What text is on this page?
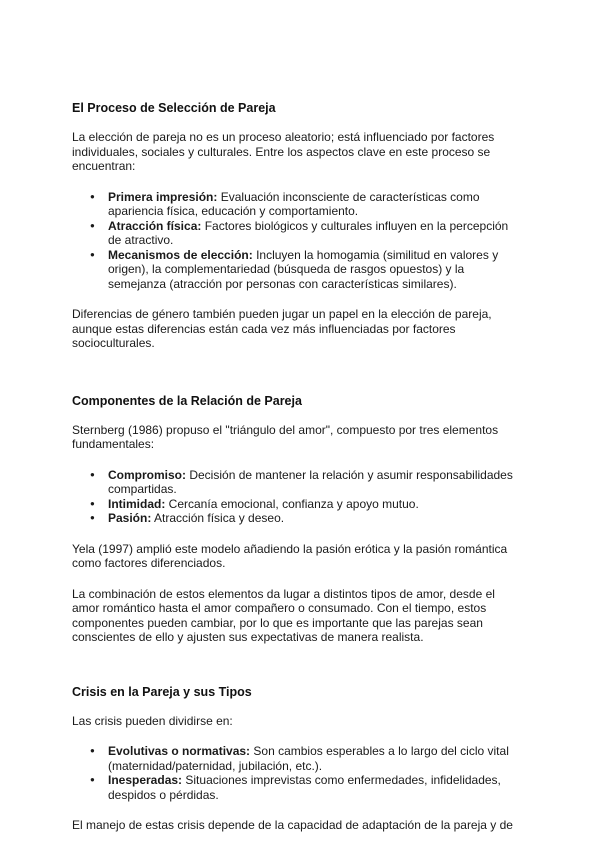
El Proceso de Selección de Pareja

La elección de pareja no es un proceso aleatorio; está influenciado por factores individuales, sociales y culturales. Entre los aspectos clave en este proceso se encuentran:

● Primera impresión: Evaluación inconsciente de características como apariencia física, educación y comportamiento.
● Atracción física: Factores biológicos y culturales influyen en la percepción de atractivo.
● Mecanismos de elección: Incluyen la homogamia (similitud en valores y origen), la complementariedad (búsqueda de rasgos opuestos) y la semejanza (atracción por personas con características similares).

Diferencias de género también pueden jugar un papel en la elección de pareja, aunque estas diferencias están cada vez más influenciadas por factores socioculturales.

Componentes de la Relación de Pareja

Sternberg (1986) propuso el "triángulo del amor", compuesto por tres elementos fundamentales:

● Compromiso: Decisión de mantener la relación y asumir responsabilidades compartidas.
● Intimidad: Cercanía emocional, confianza y apoyo mutuo.
● Pasión: Atracción física y deseo.

Yela (1997) amplió este modelo añadiendo la pasión erótica y la pasión romántica como factores diferenciados.

La combinación de estos elementos da lugar a distintos tipos de amor, desde el amor romántico hasta el amor compañero o consumado. Con el tiempo, estos componentes pueden cambiar, por lo que es importante que las parejas sean conscientes de ello y ajusten sus expectativas de manera realista.

Crisis en la Pareja y sus Tipos

Las crisis pueden dividirse en:

● Evolutivas o normativas: Son cambios esperables a lo largo del ciclo vital (maternidad/paternidad, jubilación, etc.).
● Inesperadas: Situaciones imprevistas como enfermedades, infidelidades, despidos o pérdidas.

El manejo de estas crisis depende de la capacidad de adaptación de la pareja y de
